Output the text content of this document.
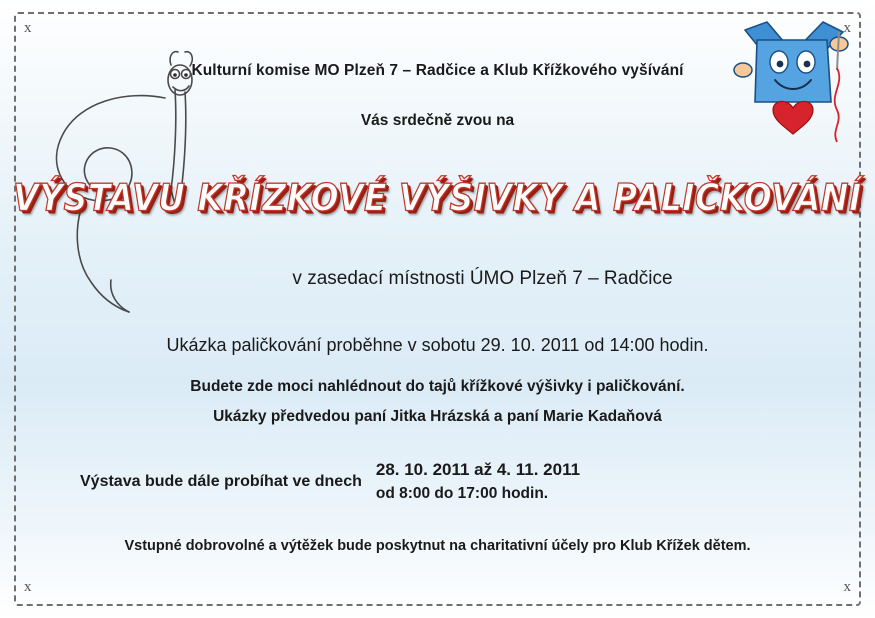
x	x
x	x
Kulturní komise MO Plzeň 7 – Radčice a Klub Křížkového vyšívání
Vás srdečně zvou na
VÝSTAVU KŘÍZKOVÉ VÝŠIVKY A PALIČKOVÁNÍ
v zasedací místnosti ÚMO Plzeň 7 – Radčice
Ukázka paličkování proběhne v sobotu 29. 10. 2011 od 14:00 hodin.
Budete zde moci nahlédnout do tajů křížkové výšivky i paličkování.
Ukázky předvedou paní Jitka Hrázská a paní Marie Kadaňová
Výstava bude dále probíhat ve dnech
28. 10. 2011 až 4. 11. 2011
od 8:00 do 17:00 hodin.
Vstupné dobrovolné a výtěžek bude poskytnut na charitativní účely pro Klub Křížek dětem.
